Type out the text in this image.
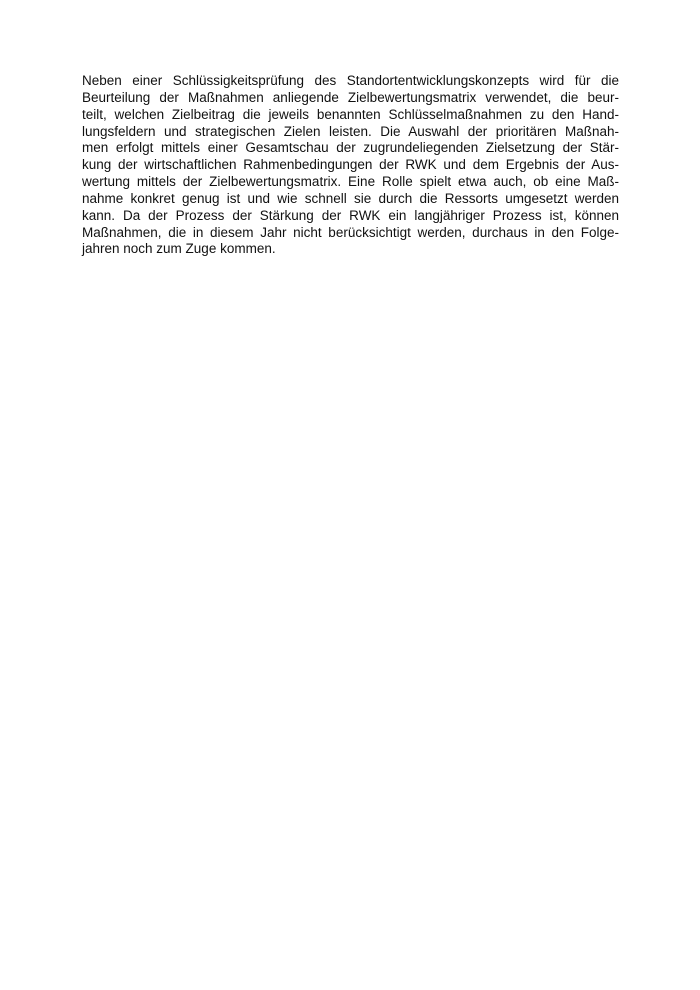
Neben einer Schlüssigkeitsprüfung des Standortentwicklungskonzepts wird für die
Beurteilung der Maßnahmen anliegende Zielbewertungsmatrix verwendet, die beur-
teilt, welchen Zielbeitrag die jeweils benannten Schlüsselmaßnahmen zu den Hand-
lungsfeldern und strategischen Zielen leisten. Die Auswahl der prioritären Maßnah-
men erfolgt mittels einer Gesamtschau der zugrundeliegenden Zielsetzung der Stär-
kung der wirtschaftlichen Rahmenbedingungen der RWK und dem Ergebnis der Aus-
wertung mittels der Zielbewertungsmatrix. Eine Rolle spielt etwa auch, ob eine Maß-
nahme konkret genug ist und wie schnell sie durch die Ressorts umgesetzt werden
kann. Da der Prozess der Stärkung der RWK ein langjähriger Prozess ist, können
Maßnahmen, die in diesem Jahr nicht berücksichtigt werden, durchaus in den Folge-
jahren noch zum Zuge kommen.
